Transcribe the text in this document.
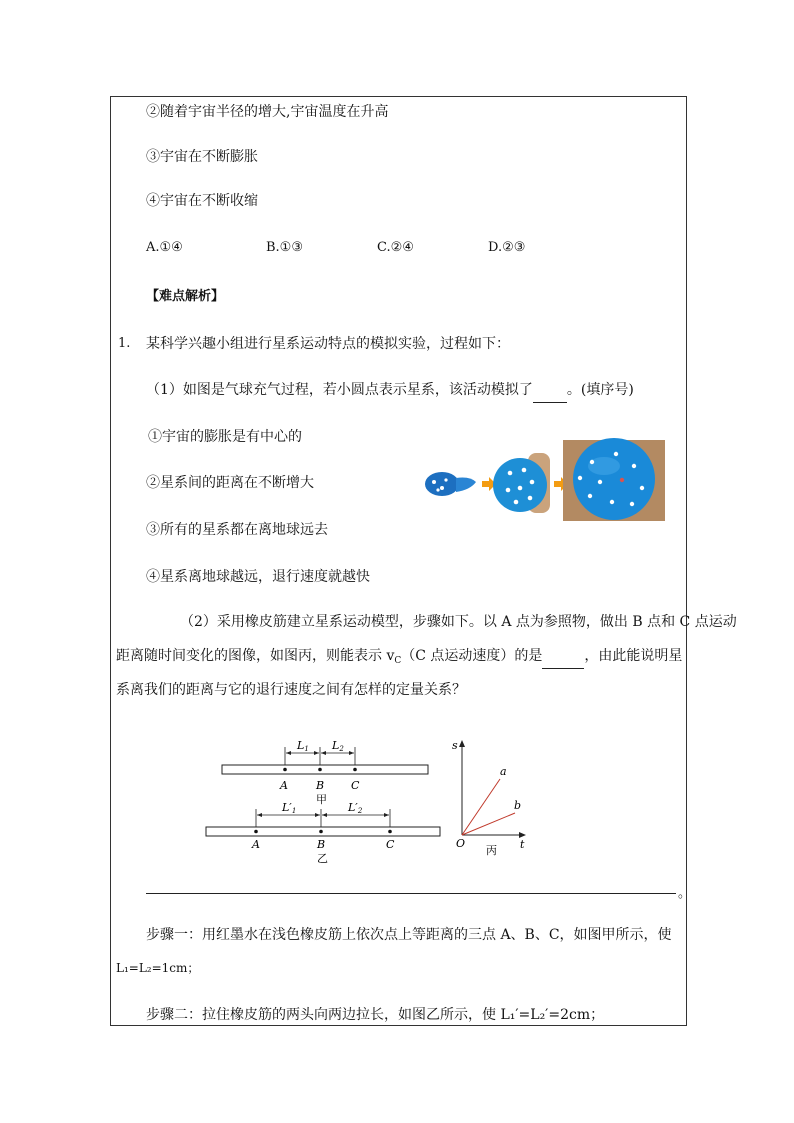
②随着宇宙半径的增大,宇宙温度在升高
③宇宙在不断膨胀
④宇宙在不断收缩
A.①④	B.①③	C.②④	D.②③
【难点解析】
1. 某科学兴趣小组进行星系运动特点的模拟实验，过程如下：
（1）如图是气球充气过程，若小圆点表示星系，该活动模拟了 。(填序号)
①宇宙的膨胀是有中心的
②星系间的距离在不断增大
③所有的星系都在离地球远去
④星系离地球越远，退行速度就越快
（2）采用橡皮筋建立星系运动模型，步骤如下。以 A 点为参照物，做出 B 点和 C 点运动
距离随时间变化的图像，如图丙，则能表示 $v_C(C$ 点运动速度）的是	，由此能说明星
系离我们的距离与它的退行速度之间有怎样的定量关系？
L1 L2
A	B C
甲
L′1	L′2
A	B	C
乙
s
t
O
a
b
丙
。
步骤一：用红墨水在浅色橡皮筋上依次点上等距离的三点 A、B、C，如图甲所示，使
L₁=L₂=1cm；
步骤二：拉住橡皮筋的两头向两边拉长，如图乙所示，使 L₁′=L₂′=2cm；
